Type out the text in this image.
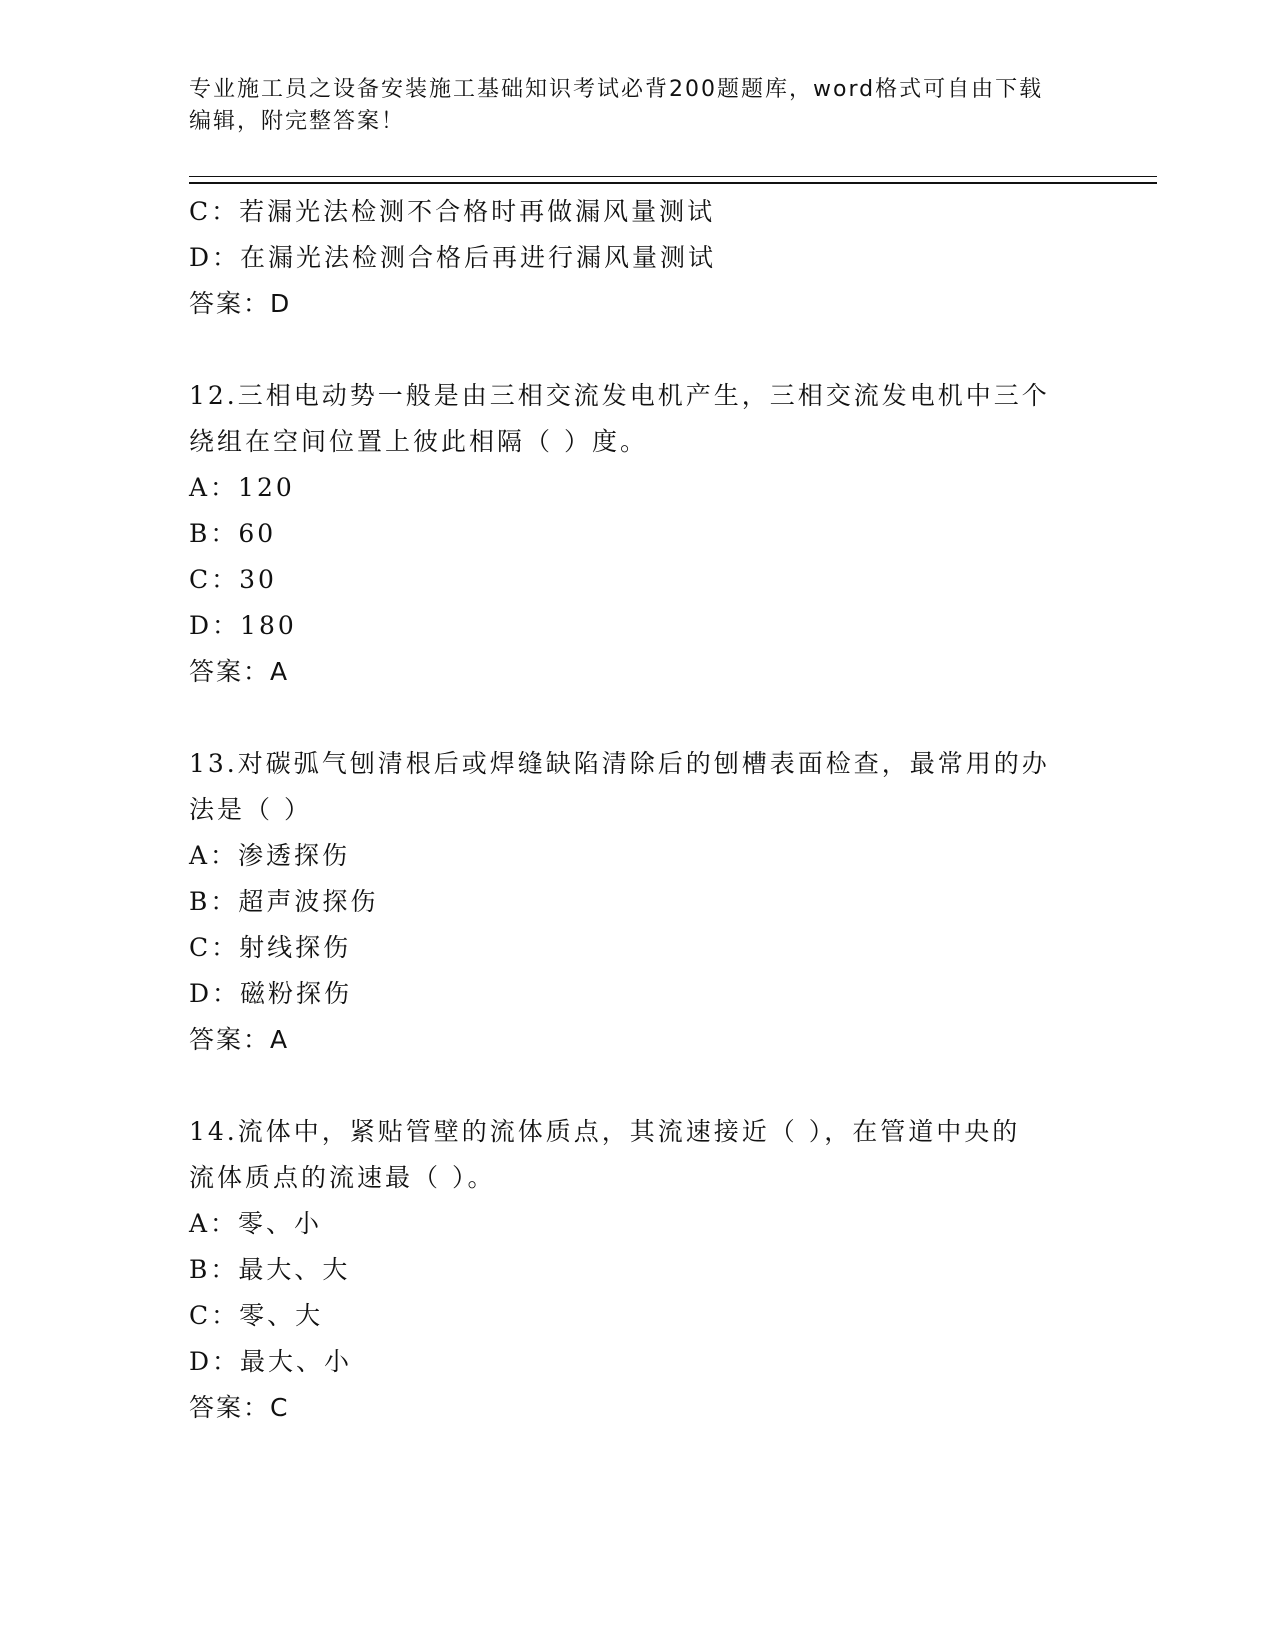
专业施工员之设备安装施工基础知识考试必背200题题库，word格式可自由下载
编辑，附完整答案！
C：若漏光法检测不合格时再做漏风量测试
D：在漏光法检测合格后再进行漏风量测试
答案：D
12.三相电动势一般是由三相交流发电机产生，三相交流发电机中三个
绕组在空间位置上彼此相隔（ ）度。
A：120
B：60
C：30
D：180
答案：A
13.对碳弧气刨清根后或焊缝缺陷清除后的刨槽表面检查，最常用的办
法是（ ）
A：渗透探伤
B：超声波探伤
C：射线探伤
D：磁粉探伤
答案：A
14.流体中，紧贴管壁的流体质点，其流速接近（ ），在管道中央的
流体质点的流速最（ ）。
A：零、小
B：最大、大
C：零、大
D：最大、小
答案：C
